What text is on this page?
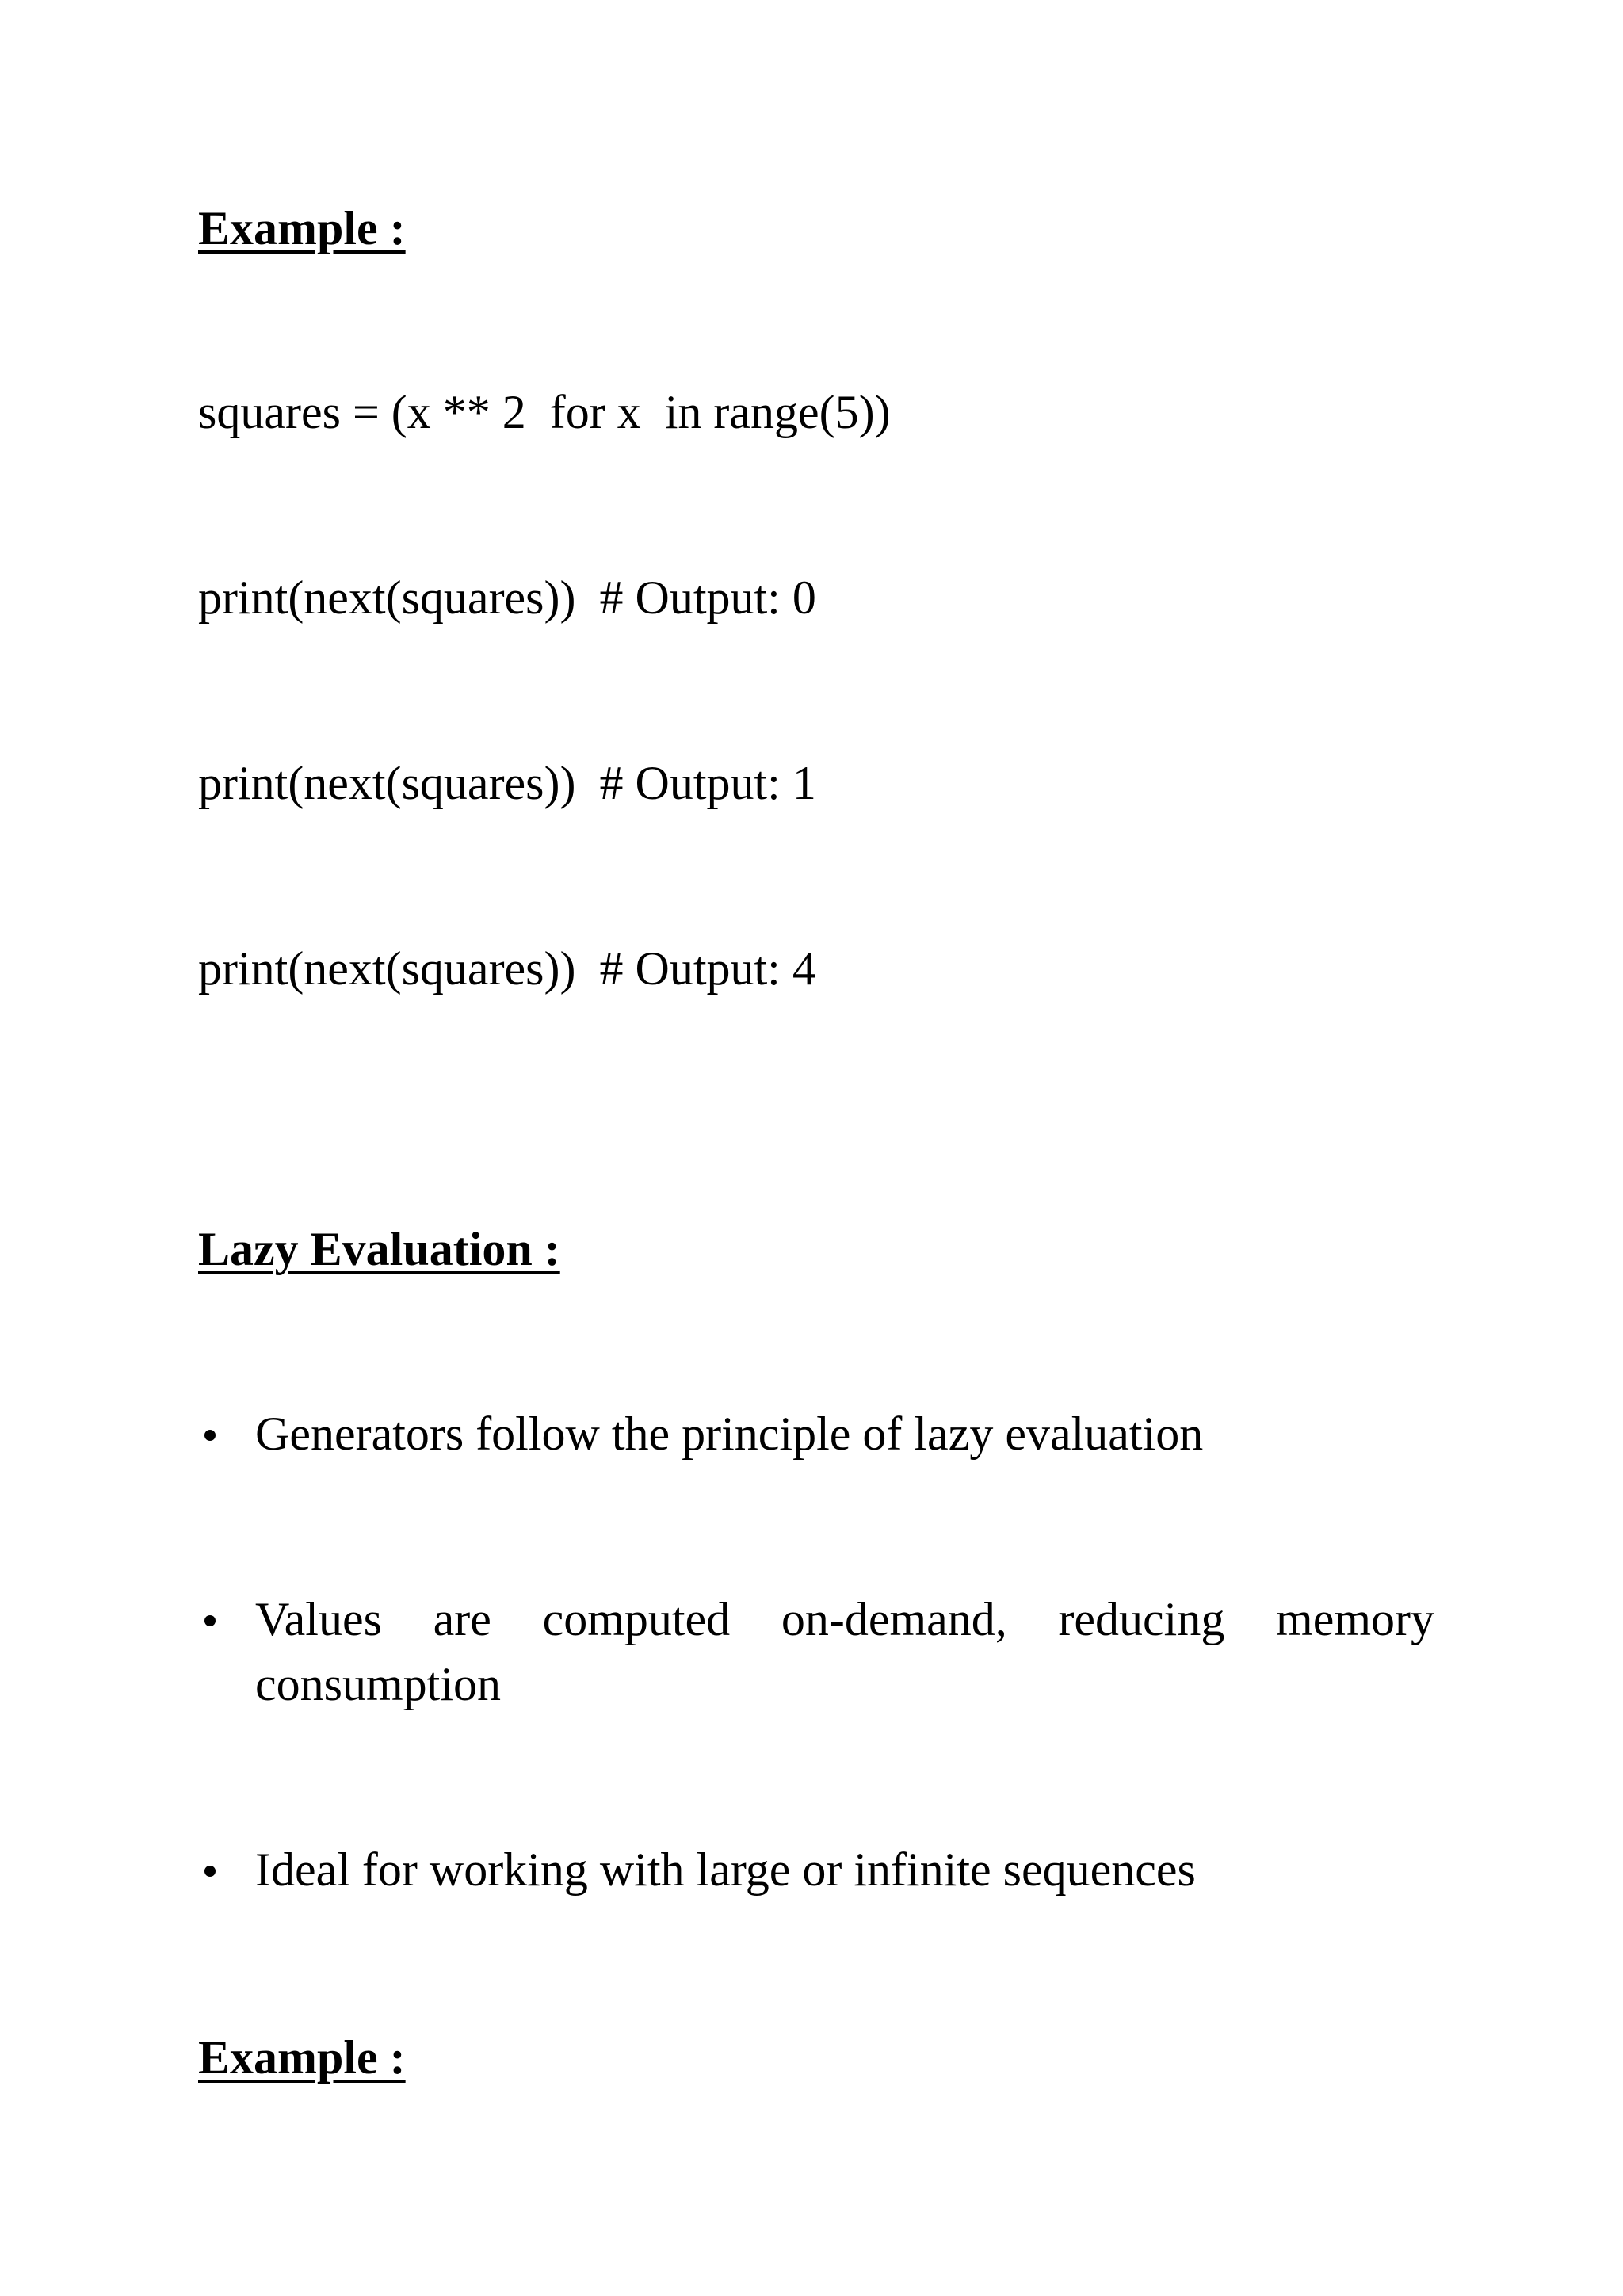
Example :
squares = (x ** 2  for x  in range(5))
print(next(squares))  # Output: 0
print(next(squares))  # Output: 1
print(next(squares))  # Output: 4
Lazy Evaluation :
Generators follow the principle of lazy evaluation
Values are computed on-demand, reducing memory consumption
Ideal for working with large or infinite sequences
Example :
